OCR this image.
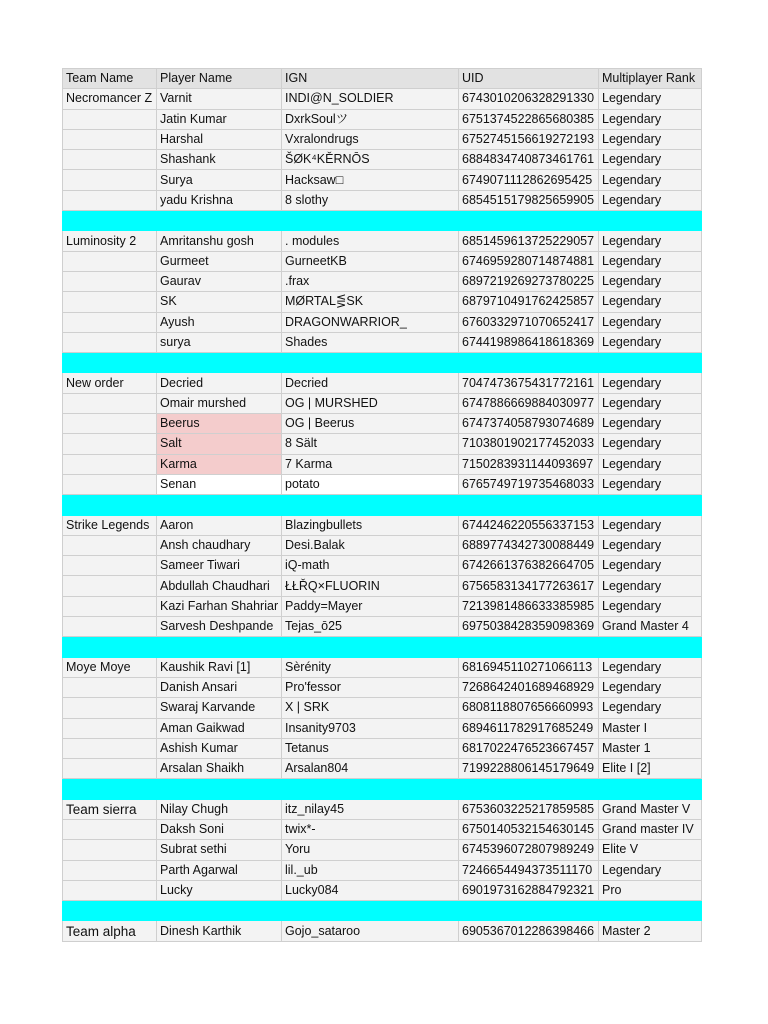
Team Name	Player Name	IGN	UID	Multiplayer Rank
Necromancer Z	Varnit	INDI@N_SOLDIER	6743010206328291330	Legendary
	Jatin Kumar	DxrkSoulツ	6751374522865680385	Legendary
	Harshal	Vxralondrugs	6752745156619272193	Legendary
	Shashank	ŠØK⁴KĚRNŌS	6884834740873461761	Legendary
	Surya	Hacksaw□	6749071112862695425	Legendary
	yadu Krishna	8 slothy	6854515179825659905	Legendary

Luminosity 2	Amritanshu gosh	. modules	6851459613725229057	Legendary
	Gurmeet	GurneetKB	6746959280714874881	Legendary
	Gaurav	.frax	6897219269273780225	Legendary
	SK	MØRTAL⋚SK	6879710491762425857	Legendary
	Ayush	DRAGONWARRIOR_	6760332971070652417	Legendary
	surya	Shades	6744198986418618369	Legendary

New order	Decried	Decried	7047473675431772161	Legendary
	Omair murshed	OG | MURSHED	6747886669884030977	Legendary
	Beerus	OG | Beerus	6747374058793074689	Legendary
	Salt	8 Sält	7103801902177452033	Legendary
	Karma	7 Karma	7150283931144093697	Legendary
	Senan	potato	6765749719735468033	Legendary

Strike Legends	Aaron	Blazingbullets	6744246220556337153	Legendary
	Ansh chaudhary	Desi.Balak	6889774342730088449	Legendary
	Sameer Tiwari	iQ-math	6742661376382664705	Legendary
	Abdullah Chaudhari	ŁŁŘQ×FLUORIN	6756583134177263617	Legendary
	Kazi Farhan Shahriar	Paddy=Mayer	7213981486633385985	Legendary
	Sarvesh Deshpande	Tejas_ō25	6975038428359098369	Grand Master 4

Moye Moye	Kaushik Ravi [1]	Sèrénity	6816945110271066113	Legendary
	Danish Ansari	Pro'fessor	7268642401689468929	Legendary
	Swaraj Karvande	X | SRK	6808118807656660993	Legendary
	Aman Gaikwad	Insanity9703	6894611782917685249	Master I
	Ashish Kumar	Tetanus	6817022476523667457	Master 1
	Arsalan Shaikh	Arsalan804	7199228806145179649	Elite I [2]

Team sierra	Nilay Chugh	itz_nilay45	6753603225217859585	Grand Master V
	Daksh Soni	twix*-	6750140532154630145	Grand master IV
	Subrat sethi	Yoru	6745396072807989249	Elite V
	Parth Agarwal	lil._ub	7246654494373511170	Legendary
	Lucky	Lucky084	6901973162884792321	Pro

Team alpha	Dinesh Karthik	Gojo_sataroo	6905367012286398466	Master 2
